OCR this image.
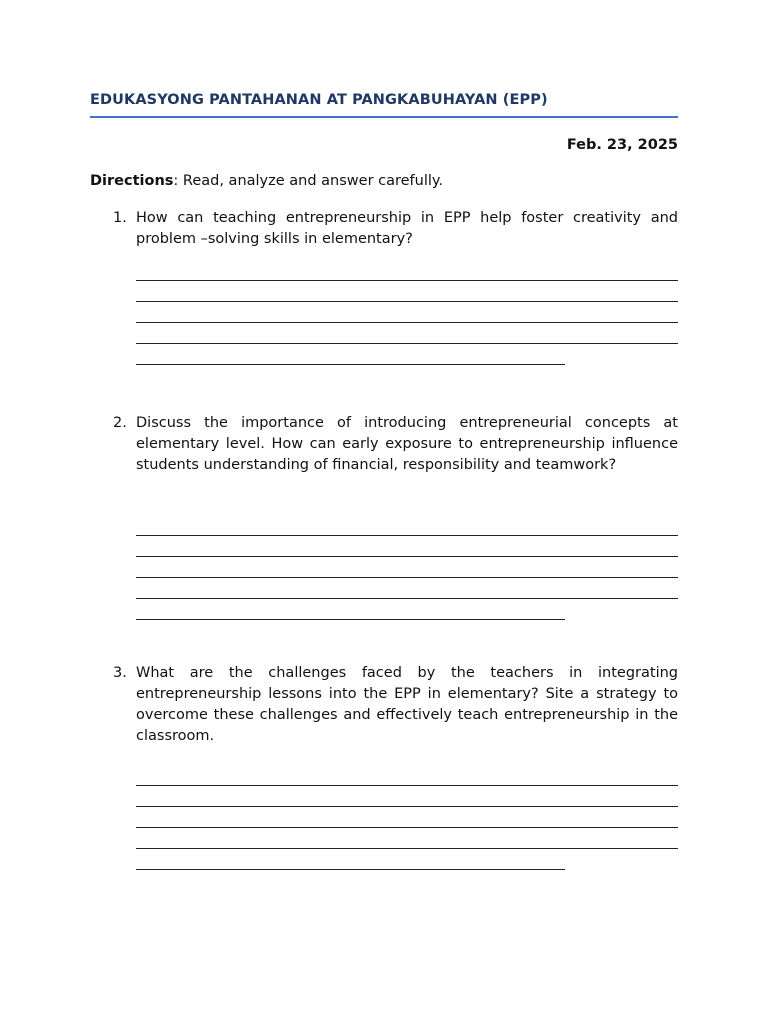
EDUKASYONG PANTAHANAN AT PANGKABUHAYAN (EPP)
Feb. 23, 2025
Directions: Read, analyze and answer carefully.
1. How can teaching entrepreneurship in EPP help foster creativity and problem –solving skills in elementary?
2. Discuss the importance of introducing entrepreneurial concepts at elementary level. How can early exposure to entrepreneurship influence students understanding of financial, responsibility and teamwork?
3. What are the challenges faced by the teachers in integrating entrepreneurship lessons into the EPP in elementary? Site a strategy to overcome these challenges and effectively teach entrepreneurship in the classroom.
